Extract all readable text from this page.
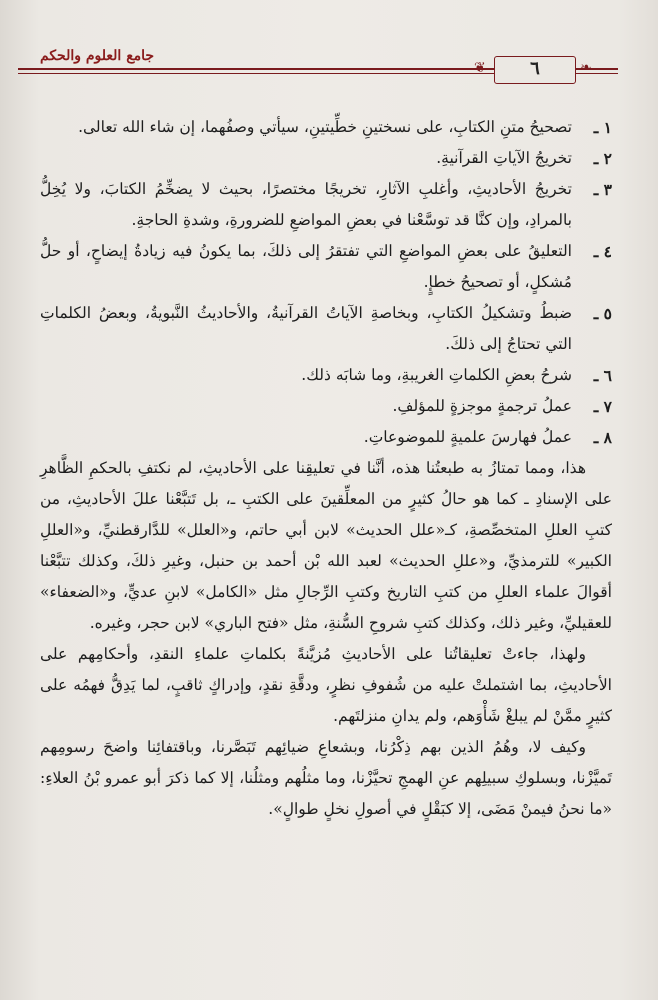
جامع العلوم والحكم
❦	٦	❧
١ ـ
تصحيحُ متنِ الكتابِ، على نسختينِ خطِّيتينِ، سيأتي وصفُهما، إن شاء الله تعالى.
٢ ـ
تخريجُ الآياتِ القرآنيةِ.
٣ ـ
تخريجُ الأحاديثِ، وأغلبِ الآثارِ، تخريجًا مختصرًا، بحيث لا يضخِّمُ الكتابَ، ولا يُخِلُّ بالمرادِ، وإن كنَّا قد توسَّعْنا في بعضِ المواضعِ للضرورةِ، وشدةِ الحاجةِ.
٤ ـ
التعليقُ على بعضِ المواضعِ التي تفتقرُ إلى ذلكَ، بما يكونُ فيه زيادةُ إيضاحٍ، أو حلُّ مُشكلٍ، أو تصحيحُ خطإٍ.
٥ ـ
ضبطُ وتشكيلُ الكتابِ، وبخاصةِ الآياتُ القرآنيةُ، والأحاديثُ النَّبويةُ، وبعضُ الكلماتِ التي تحتاجُ إلى ذلكَ.
٦ ـ
شرحُ بعضِ الكلماتِ الغريبةِ، وما شابَه ذلك.
٧ ـ
عملُ ترجمةٍ موجزةٍ للمؤلفِ.
٨ ـ
عملُ فهارسَ علميةٍ للموضوعاتِ.
هذا، ومما تمتازُ به طبعتُنا هذه، أنَّنا في تعليقِنا على الأحاديثِ، لم نكتفِ بالحكمِ الظَّاهرِ على الإسنادِ ـ كما هو حالُ كثيرٍ من المعلِّقينَ على الكتبِ ـ، بل تَتبَّعْنا عللَ الأحاديثِ، من كتبِ العللِ المتخصِّصةِ، كـ«علل الحديث» لابن أبي حاتم، و«العلل» للدَّارقطنيِّ، و«العللِ الكبير» للترمذيِّ، و«عللِ الحديث» لعبد الله بْن أحمد بن حنبل، وغيرِ ذلكَ، وكذلك تتبَّعْنا أقوالَ علماء العللِ من كتبِ التاريخ وكتبِ الرِّجالِ مثل «الكامل» لابنِ عديٍّ، و«الضعفاء» للعقيليِّ، وغير ذلك، وكذلك كتبِ شروحِ السُّنةِ، مثل «فتح الباري» لابن حجر، وغيره.
ولهذا، جاءتْ تعليقاتُنا على الأحاديثِ مُزيَّنةً بكلماتِ علماءِ النقدِ، وأحكامِهم على الأحاديثِ، بما اشتملتْ عليه من شُفوفِ نظرٍ، ودقَّةِ نقدٍ، وإدراكٍ ثاقبٍ، لما يَدِقُّ فهمُه على كثيرٍ ممَّنْ لم يبلغْ شَأْوَهم، ولم يدانِ منزلتَهم.
وكيف لا، وهُمُ الذين بهم ذِكْرُنا، وبشعاعِ ضيائِهم تَبَصَّرنا، وباقتفائِنا واضحَ رسومِهم تَميَّزْنا، وبسلوكِ سبيلِهم عنِ الهمجِ تحيَّزْنا، وما مثلُهم ومثلُنا، إلا كما ذكرَ أبو عمرو بْنُ العلاءِ: «ما نحنُ فيمنْ مَضَى، إلا كبَقْلٍ في أصولِ نخلٍ طوالٍ».
